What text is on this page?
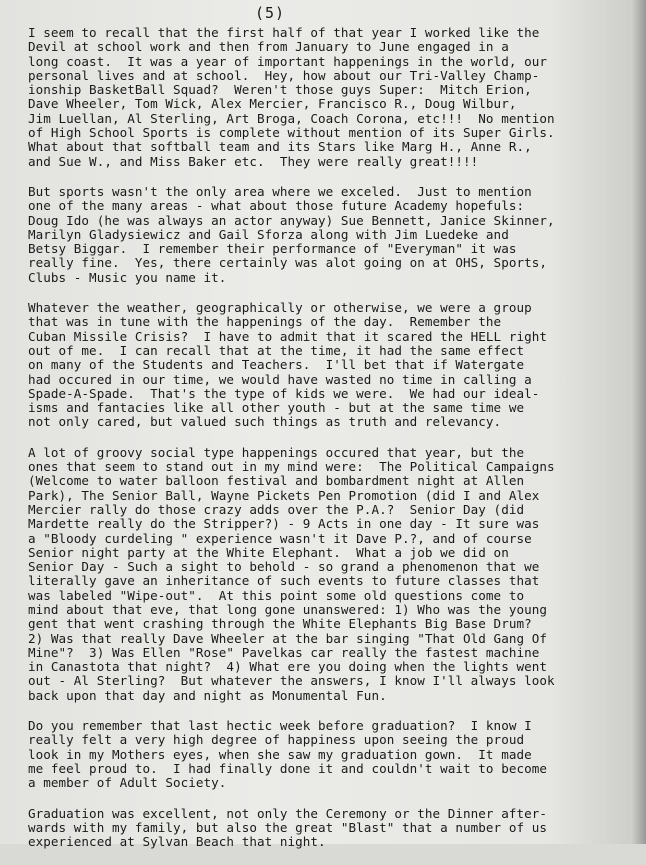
(5)

I seem to recall that the first half of that year I worked like the
Devil at school work and then from January to June engaged in a
long coast.  It was a year of important happenings in the world, our
personal lives and at school.  Hey, how about our Tri-Valley Champ-
ionship BasketBall Squad?  Weren't those guys Super:  Mitch Erion,
Dave Wheeler, Tom Wick, Alex Mercier, Francisco R., Doug Wilbur,
Jim Luellan, Al Sterling, Art Broga, Coach Corona, etc!!!  No mention
of High School Sports is complete without mention of its Super Girls.
What about that softball team and its Stars like Marg H., Anne R.,
and Sue W., and Miss Baker etc.  They were really great!!!!

But sports wasn't the only area where we exceled.  Just to mention
one of the many areas - what about those future Academy hopefuls:
Doug Ido (he was always an actor anyway) Sue Bennett, Janice Skinner,
Marilyn Gladysiewicz and Gail Sforza along with Jim Luedeke and
Betsy Biggar.  I remember their performance of "Everyman" it was
really fine.  Yes, there certainly was alot going on at OHS, Sports,
Clubs - Music you name it.

Whatever the weather, geographically or otherwise, we were a group
that was in tune with the happenings of the day.  Remember the
Cuban Missile Crisis?  I have to admit that it scared the HELL right
out of me.  I can recall that at the time, it had the same effect
on many of the Students and Teachers.  I'll bet that if Watergate
had occured in our time, we would have wasted no time in calling a
Spade-A-Spade.  That's the type of kids we were.  We had our ideal-
isms and fantacies like all other youth - but at the same time we
not only cared, but valued such things as truth and relevancy.

A lot of groovy social type happenings occured that year, but the
ones that seem to stand out in my mind were:  The Political Campaigns
(Welcome to water balloon festival and bombardment night at Allen
Park), The Senior Ball, Wayne Pickets Pen Promotion (did I and Alex
Mercier rally do those crazy adds over the P.A.?  Senior Day (did
Mardette really do the Stripper?) - 9 Acts in one day - It sure was
a "Bloody curdeling " experience wasn't it Dave P.?, and of course
Senior night party at the White Elephant.  What a job we did on
Senior Day - Such a sight to behold - so grand a phenomenon that we
literally gave an inheritance of such events to future classes that
was labeled "Wipe-out".  At this point some old questions come to
mind about that eve, that long gone unanswered: 1) Who was the young
gent that went crashing through the White Elephants Big Base Drum?
2) Was that really Dave Wheeler at the bar singing "That Old Gang Of
Mine"?  3) Was Ellen "Rose" Pavelkas car really the fastest machine
in Canastota that night?  4) What ere you doing when the lights went
out - Al Sterling?  But whatever the answers, I know I'll always look
back upon that day and night as Monumental Fun.

Do you remember that last hectic week before graduation?  I know I
really felt a very high degree of happiness upon seeing the proud
look in my Mothers eyes, when she saw my graduation gown.  It made
me feel proud to.  I had finally done it and couldn't wait to become
a member of Adult Society.

Graduation was excellent, not only the Ceremony or the Dinner after-
wards with my family, but also the great "Blast" that a number of us
experienced at Sylvan Beach that night.
